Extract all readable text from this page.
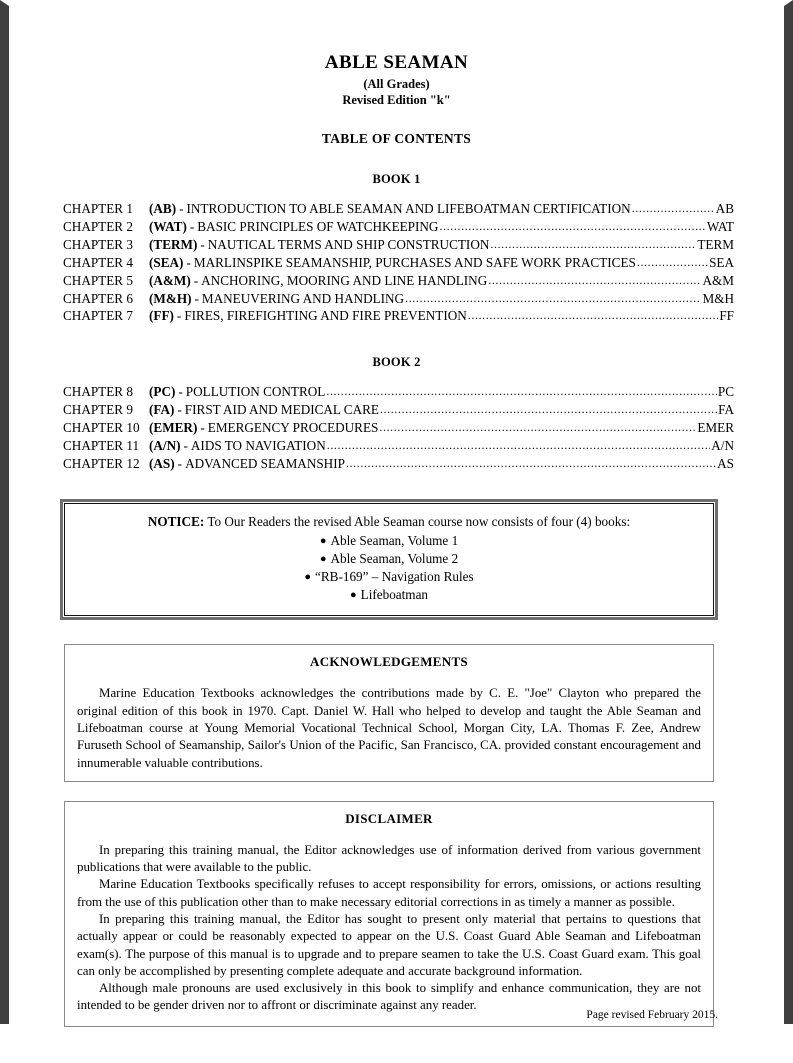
ABLE SEAMAN
(All Grades)
Revised Edition "k"
TABLE OF CONTENTS
BOOK 1
CHAPTER 1	(AB) - INTRODUCTION TO ABLE SEAMAN AND LIFEBOATMAN CERTIFICATION .....	AB
CHAPTER 2	(WAT) - BASIC PRINCIPLES OF WATCHKEEPING .....	WAT
CHAPTER 3	(TERM) - NAUTICAL TERMS AND SHIP CONSTRUCTION .....	TERM
CHAPTER 4	(SEA) - MARLINSPIKE SEAMANSHIP, PURCHASES AND SAFE WORK PRACTICES .....	SEA
CHAPTER 5	(A&M) - ANCHORING, MOORING AND LINE HANDLING .....	A&M
CHAPTER 6	(M&H) - MANEUVERING AND HANDLING .....	M&H
CHAPTER 7	(FF) - FIRES, FIREFIGHTING AND FIRE PREVENTION .....	FF
BOOK 2
CHAPTER 8	(PC) - POLLUTION CONTROL .....	PC
CHAPTER 9	(FA) - FIRST AID AND MEDICAL CARE .....	FA
CHAPTER 10 (EMER) - EMERGENCY PROCEDURES .....	EMER
CHAPTER 11 (A/N) - AIDS TO NAVIGATION .....	A/N
CHAPTER 12 (AS) - ADVANCED SEAMANSHIP .....	AS

NOTICE: To Our Readers the revised Able Seaman course now consists of four (4) books:

● Able Seaman, Volume 1
● Able Seaman, Volume 2
● “RB-169” – Navigation Rules
● Lifeboatman
ACKNOWLEDGEMENTS

Marine Education Textbooks acknowledges the contributions made by C. E. "Joe" Clayton who prepared the original edition of this book in 1970. Capt. Daniel W. Hall who helped to develop and taught the Able Seaman and Lifeboatman course at Young Memorial Vocational Technical School, Morgan City, LA. Thomas F. Zee, Andrew Furuseth School of Seamanship, Sailor's Union of the Pacific, San Francisco, CA. provided constant encouragement and innumerable valuable contributions.

DISCLAIMER

In preparing this training manual, the Editor acknowledges use of information derived from various government publications that were available to the public.

Marine Education Textbooks specifically refuses to accept responsibility for errors, omissions, or actions resulting from the use of this publication other than to make necessary editorial corrections in as timely a manner as possible.

In preparing this training manual, the Editor has sought to present only material that pertains to questions that actually appear or could be reasonably expected to appear on the U.S. Coast Guard Able Seaman and Lifeboatman exam(s). The purpose of this manual is to upgrade and to prepare seamen to take the U.S. Coast Guard exam. This goal can only be accomplished by presenting complete adequate and accurate background information.

Although male pronouns are used exclusively in this book to simplify and enhance communication, they are not intended to be gender driven nor to affront or discriminate against any reader.

Page revised February 2015.
